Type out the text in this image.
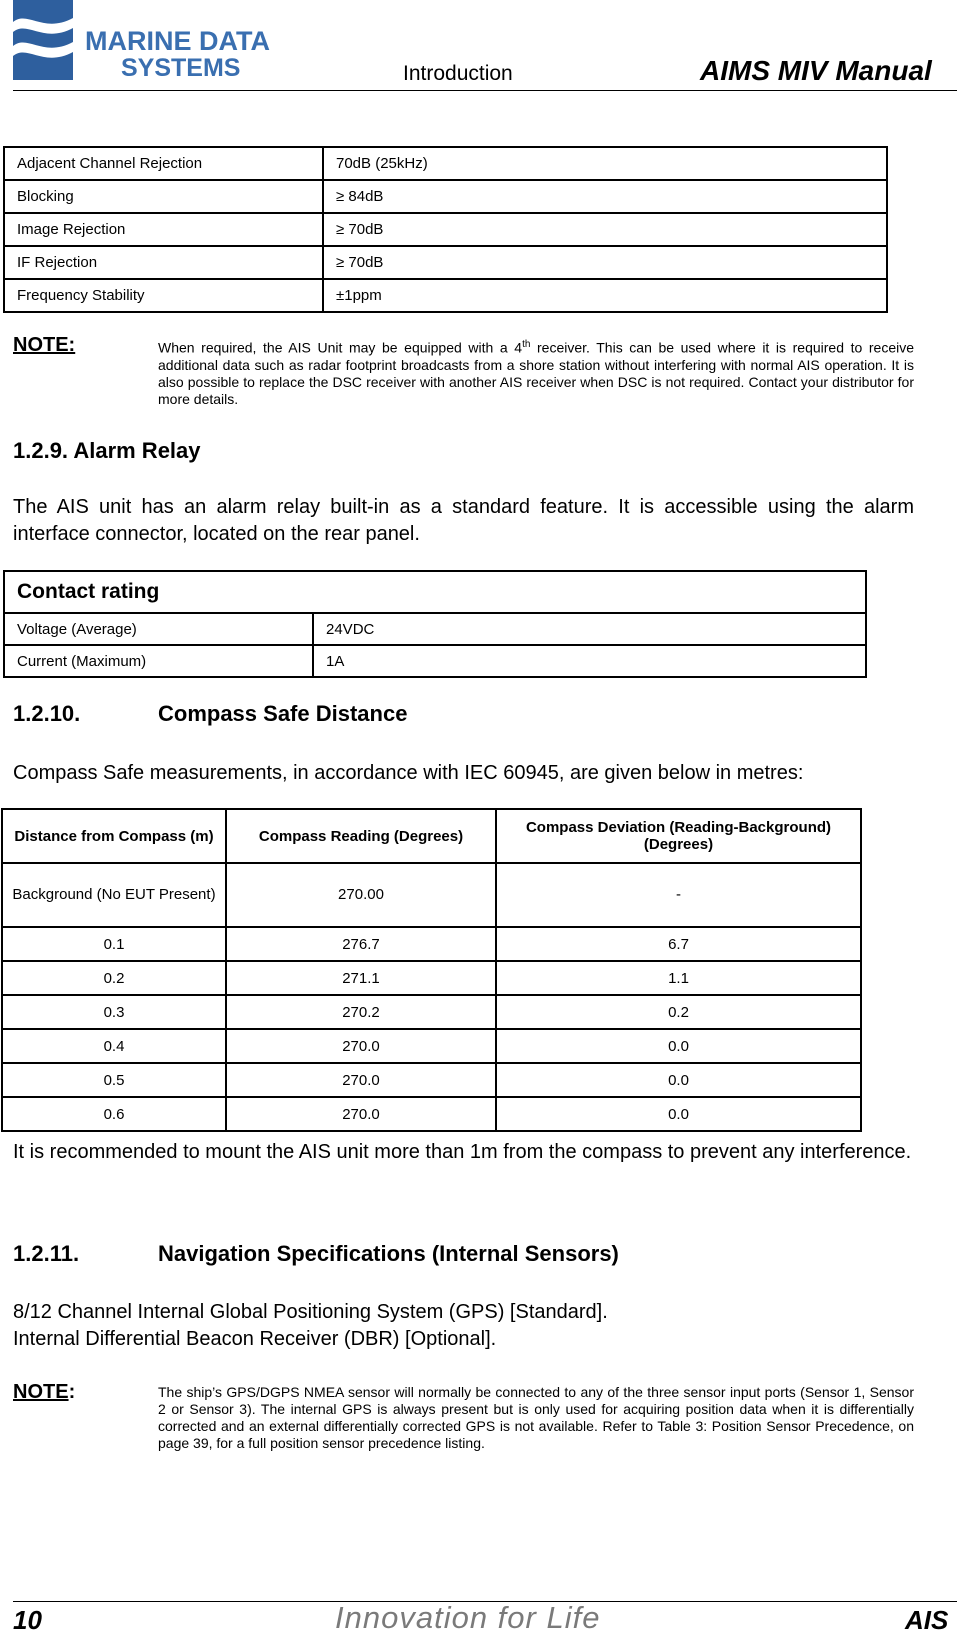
MARINE DATA
SYSTEMS	Introduction	AIMS MIV Manual
Adjacent Channel Rejection	70dB (25kHz)
Blocking	≥ 84dB
Image Rejection	≥ 70dB
IF Rejection	≥ 70dB
Frequency Stability	±1ppm
NOTE:	When required, the AIS Unit may be equipped with a 4th receiver. This can be used where it is required to receive additional data such as radar footprint broadcasts from a shore station without interfering with normal AIS operation. It is also possible to replace the DSC receiver with another AIS receiver when DSC is not required. Contact your distributor for more details.
1.2.9. Alarm Relay
The AIS unit has an alarm relay built-in as a standard feature. It is accessible using the alarm interface connector, located on the rear panel.
Contact rating	
Voltage (Average)	24VDC
Current (Maximum)	1A
1.2.10.	Compass Safe Distance
Compass Safe measurements, in accordance with IEC 60945, are given below in metres:
Distance from Compass (m)	Compass Reading (Degrees)	Compass Deviation (Reading-Background) (Degrees)
Background (No EUT Present)	270.00	-
0.1	276.7	6.7
0.2	271.1	1.1
0.3	270.2	0.2
0.4	270.0	0.0
0.5	270.0	0.0
0.6	270.0	0.0
It is recommended to mount the AIS unit more than 1m from the compass to prevent any interference.
1.2.11.	Navigation Specifications (Internal Sensors)
8/12 Channel Internal Global Positioning System (GPS) [Standard].
Internal Differential Beacon Receiver (DBR) [Optional].
NOTE:	The ship’s GPS/DGPS NMEA sensor will normally be connected to any of the three sensor input ports (Sensor 1, Sensor 2 or Sensor 3). The internal GPS is always present but is only used for acquiring position data when it is differentially corrected and an external differentially corrected GPS is not available. Refer to Table 3: Position Sensor Precedence, on page 39, for a full position sensor precedence listing.
10	Innovation for Life	AIS
